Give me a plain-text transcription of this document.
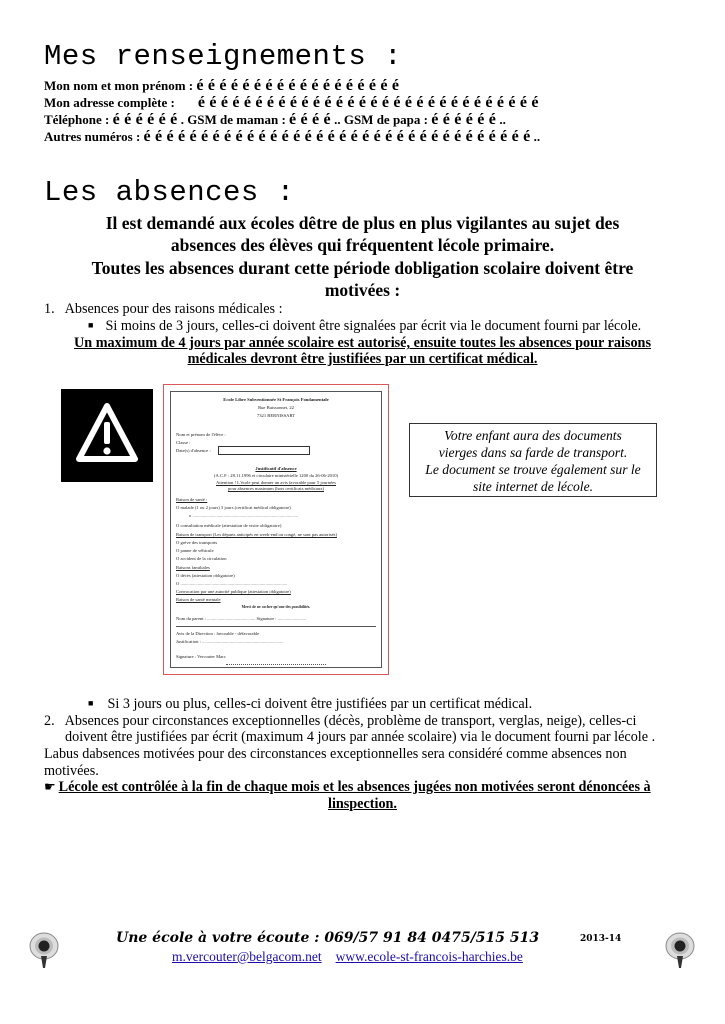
Mes renseignements :
Mon nom et mon prénom : é é é é é é é é é é é é é é é é é é
Mon adresse complète : é é é é é é é é é é é é é é é é é é é é é é é é é é é é é é
Téléphone : é é é é é é . GSM de maman : é é é é .. GSM de papa : é é é é é é ..
Autres numéros : é é é é é é é é é é é é é é é é é é é é é é é é é é é é é é é é é é ..
Les absences :
Il est demandé aux écoles dêtre de plus en plus vigilantes au sujet des
absences des élèves qui fréquentent lécole primaire.
Toutes les absences durant cette période dobligation scolaire doivent être
motivées :
1. Absences pour des raisons médicales :
■ Si moins de 3 jours, celles-ci doivent être signalées par écrit via le document fourni par lécole.
Un maximum de 4 jours par année scolaire est autorisé, ensuite toutes les absences pour raisons
médicales devront être justifiées par un certificat médical.
Ecole Libre Subventionnée St François Fondamentale
Rue Buissonnet, 22
7321 BERNISSART
Nom et prénom de l'élève :
Classe :
Date(s) d'absence :
Justificatif d'absence
(A.C.F : 28.11.1996 et circulaire ministérielle 1200 du 26-06-2010)
Attention ! L'école peut donner un avis favorable pour 5 journées
pour absences maximum (hors certificats médicaux)
Raison de santé :
O malade (1 ou 2 jours) 3 jours (certificat médical obligatoire)
o ............................................................................................
O consultation médicale (attestation de visite obligatoire)
Raison de transport (Les départs anticipés en week-end ou congé, ne sont pas autorisés)
O grève des transports
O panne de véhicule
O accident de la circulation
Raisons familiales
O décès (attestation obligatoire)
O .............................................................................................
Convocation par une autorité publique (attestation obligatoire)
Raison de santé mentale
Merci de ne cocher qu'une des possibilités.
Nom du parent : .......................................... Signature : .........................
Avis de la Direction : favorable - défavorable
Justification : .......................................................................
Signature : Vercouter Marc
Votre enfant aura des documents
vierges dans sa farde de transport.
Le document se trouve également sur le
site internet de lécole.
■ Si 3 jours ou plus, celles-ci doivent être justifiées par un certificat médical.
2. Absences pour circonstances exceptionnelles (décès, problème de transport, verglas, neige), celles-ci
doivent être justifiées par écrit (maximum 4 jours par année scolaire) via le document fourni par lécole .
Labus dabsences motivées pour des circonstances exceptionnelles sera considéré comme absences non
motivées.
☛ Lécole est contrôlée à la fin de chaque mois et les absences jugées non motivées seront dénoncées à
linspection.
Une école à votre écoute : 069/57 91 84 0475/515 513	2013-14
m.vercouter@belgacom.net www.ecole-st-francois-harchies.be
